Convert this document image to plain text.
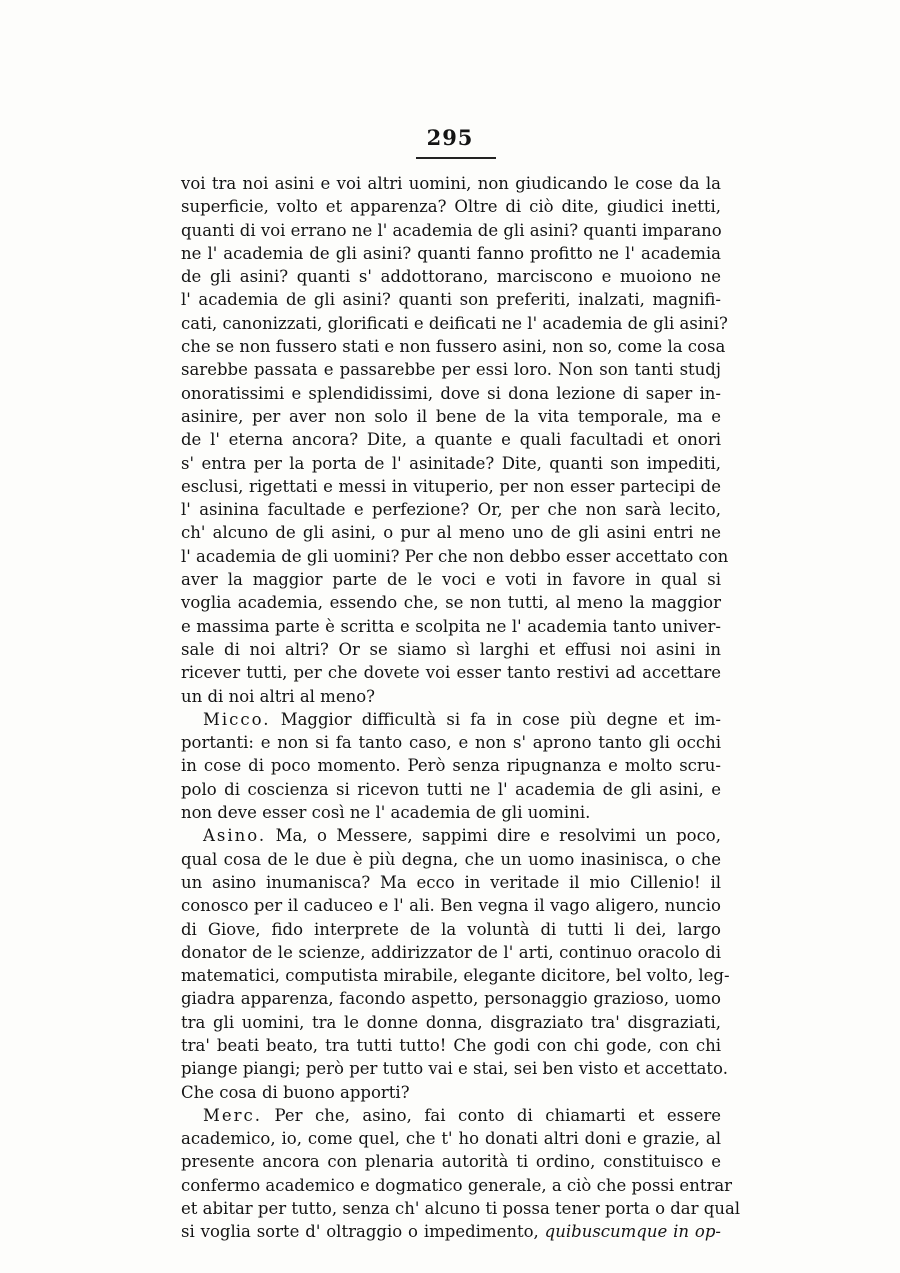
295
voi tra noi asini e voi altri uomini, non giudicando le cose da la
superficie, volto et apparenza? Oltre di ciò dite, giudici inetti,
quanti di voi errano ne l' academia de gli asini? quanti imparano
ne l' academia de gli asini? quanti fanno profitto ne l' academia
de gli asini? quanti s' addottorano, marciscono e muoiono ne
l' academia de gli asini? quanti son preferiti, inalzati, magnifi-
cati, canonizzati, glorificati e deificati ne l' academia de gli asini?
che se non fussero stati e non fussero asini, non so, come la cosa
sarebbe passata e passarebbe per essi loro. Non son tanti studj
onoratissimi e splendidissimi, dove si dona lezione di saper in-
asinire, per aver non solo il bene de la vita temporale, ma e
de l' eterna ancora? Dite, a quante e quali facultadi et onori
s' entra per la porta de l' asinitade? Dite, quanti son impediti,
esclusi, rigettati e messi in vituperio, per non esser partecipi de
l' asinina facultade e perfezione? Or, per che non sarà lecito,
ch' alcuno de gli asini, o pur al meno uno de gli asini entri ne
l' academia de gli uomini? Per che non debbo esser accettato con
aver la maggior parte de le voci e voti in favore in qual si
voglia academia, essendo che, se non tutti, al meno la maggior
e massima parte è scritta e scolpita ne l' academia tanto univer-
sale di noi altri? Or se siamo sì larghi et effusi noi asini in
ricever tutti, per che dovete voi esser tanto restivi ad accettare
un di noi altri al meno?
Micco. Maggior difficultà si fa in cose più degne et im-
portanti: e non si fa tanto caso, e non s' aprono tanto gli occhi
in cose di poco momento. Però senza ripugnanza e molto scru-
polo di coscienza si ricevon tutti ne l' academia de gli asini, e
non deve esser così ne l' academia de gli uomini.
Asino. Ma, o Messere, sappimi dire e resolvimi un poco,
qual cosa de le due è più degna, che un uomo inasinisca, o che
un asino inumanisca? Ma ecco in veritade il mio Cillenio! il
conosco per il caduceo e l' ali. Ben vegna il vago aligero, nuncio
di Giove, fido interprete de la voluntà di tutti li dei, largo
donator de le scienze, addirizzator de l' arti, continuo oracolo di
matematici, computista mirabile, elegante dicitore, bel volto, leg-
giadra apparenza, facondo aspetto, personaggio grazioso, uomo
tra gli uomini, tra le donne donna, disgraziato tra' disgraziati,
tra' beati beato, tra tutti tutto! Che godi con chi gode, con chi
piange piangi; però per tutto vai e stai, sei ben visto et accettato.
Che cosa di buono apporti?
Merc. Per che, asino, fai conto di chiamarti et essere
academico, io, come quel, che t' ho donati altri doni e grazie, al
presente ancora con plenaria autorità ti ordino, constituisco e
confermo academico e dogmatico generale, a ciò che possi entrar
et abitar per tutto, senza ch' alcuno ti possa tener porta o dar qual
si voglia sorte d' oltraggio o impedimento, quibuscumque in op-
